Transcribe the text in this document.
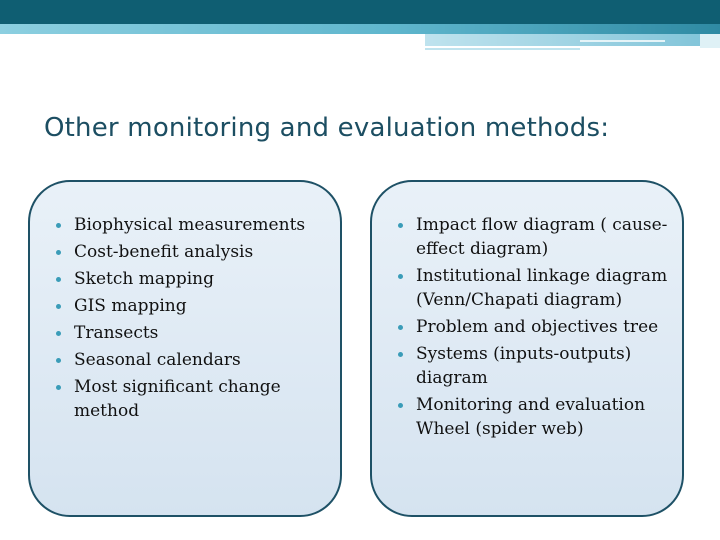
Other monitoring and evaluation methods:
Biophysical measurements
Cost-benefit analysis
Sketch mapping
GIS mapping
Transects
Seasonal calendars
Most significant change method
Impact flow diagram ( cause-effect diagram)
Institutional linkage diagram (Venn/Chapati diagram)
Problem and objectives tree
Systems (inputs-outputs) diagram
Monitoring and evaluation Wheel (spider web)
